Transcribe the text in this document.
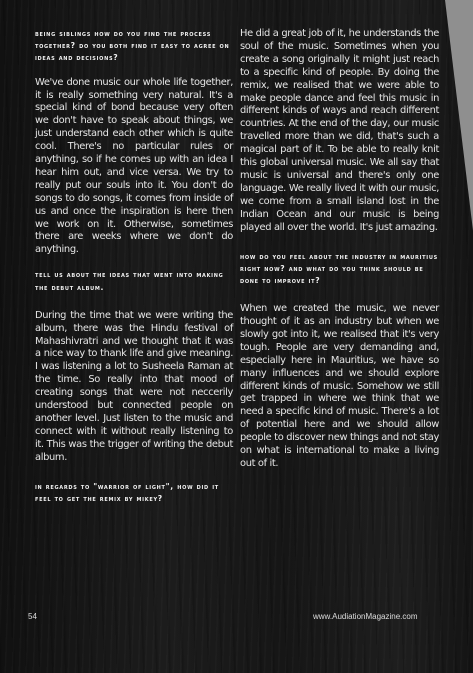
being siblings how do you find the process together? do you both find it easy to agree on ideas and decisions?

We've done music our whole life together, it is really something very natural. It's a special kind of bond because very often we don't have to speak about things, we just understand each other which is quite cool. There's no particular rules or anything, so if he comes up with an idea I hear him out, and vice versa. We try to really put our souls into it. You don't do songs to do songs, it comes from inside of us and once the inspiration is here then we work on it. Otherwise, sometimes there are weeks where we don't do anything.

tell us about the ideas that went into making the debut album.

During the time that we were writing the album, there was the Hindu festival of Mahashivratri and we thought that it was a nice way to thank life and give meaning. I was listening a lot to Susheela Raman at the time. So really into that mood of creating songs that were not neccerily understood but connected people on another level. Just listen to the music and connect with it without really listening to it. This was the trigger of writing the debut album.

in regards to "warrior of light", how did it feel to get the remix by mikey?

He did a great job of it, he understands the soul of the music. Sometimes when you create a song originally it might just reach to a specific kind of people. By doing the remix, we realised that we were able to make people dance and feel this music in different kinds of ways and reach different countries. At the end of the day, our music travelled more than we did, that's such a magical part of it. To be able to really knit this global universal music. We all say that music is universal and there's only one language. We really lived it with our music, we come from a small island lost in the Indian Ocean and our music is being played all over the world. It's just amazing.

how do you feel about the industry in mauritius right now? and what do you think should be done to improve it?

When we created the music, we never thought of it as an industry but when we slowly got into it, we realised that it's very tough. People are very demanding and, especially here in Mauritius, we have so many influences and we should explore different kinds of music. Somehow we still get trapped in where we think that we need a specific kind of music. There's a lot of potential here and we should allow people to discover new things and not stay on what is international to make a living out of it.

54	www.AudiationMagazine.com
